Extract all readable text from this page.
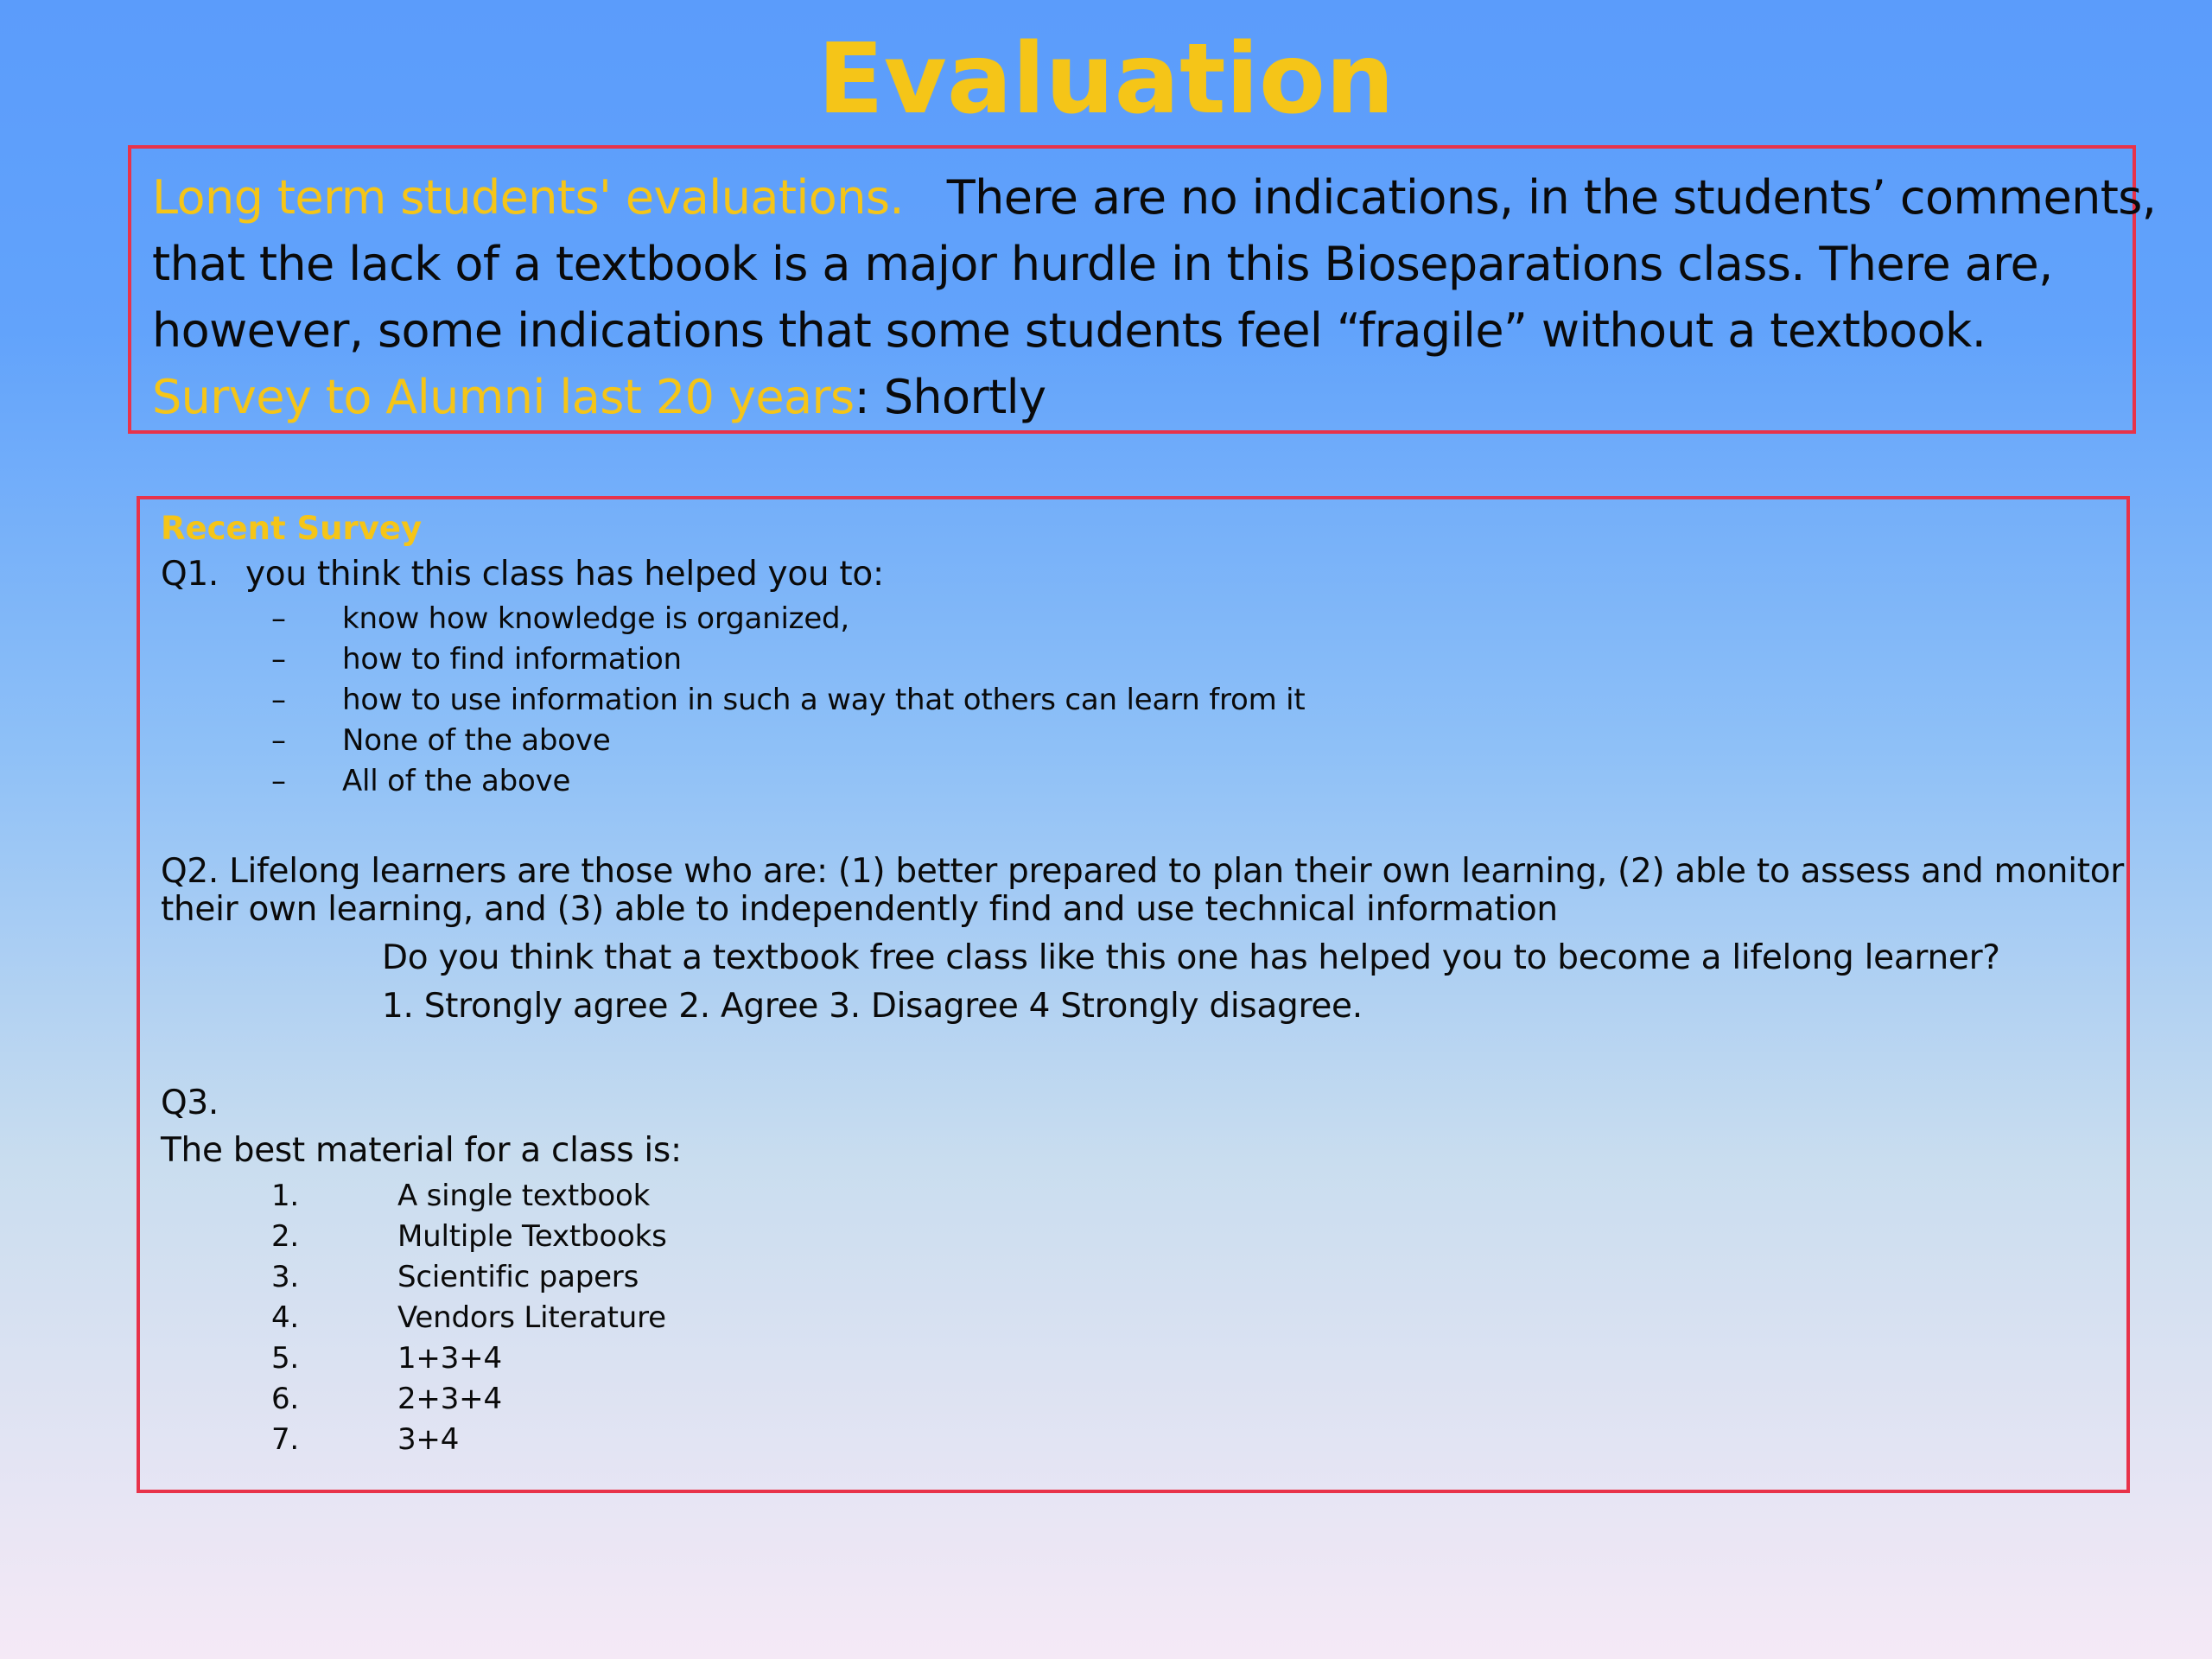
Evaluation
Long term students' evaluations. There are no indications, in the students’ comments,
that the lack of a textbook is a major hurdle in this Bioseparations class. There are,
however, some indications that some students feel “fragile” without a textbook.
Survey to Alumni last 20 years: Shortly
Recent Survey
Q1. you think this class has helped you to:
– know how knowledge is organized,
– how to find information
– how to use information in such a way that others can learn from it
– None of the above
– All of the above
Q2. Lifelong learners are those who are: (1) better prepared to plan their own learning, (2) able to assess and monitor
their own learning, and (3) able to independently find and use technical information
Do you think that a textbook free class like this one has helped you to become a lifelong learner?
1. Strongly agree 2. Agree 3. Disagree 4 Strongly disagree.
Q3.
The best material for a class is:
1.	A single textbook
2.	Multiple Textbooks
3.	Scientific papers
4.	Vendors Literature
5.	1+3+4
6.	2+3+4
7.	3+4
